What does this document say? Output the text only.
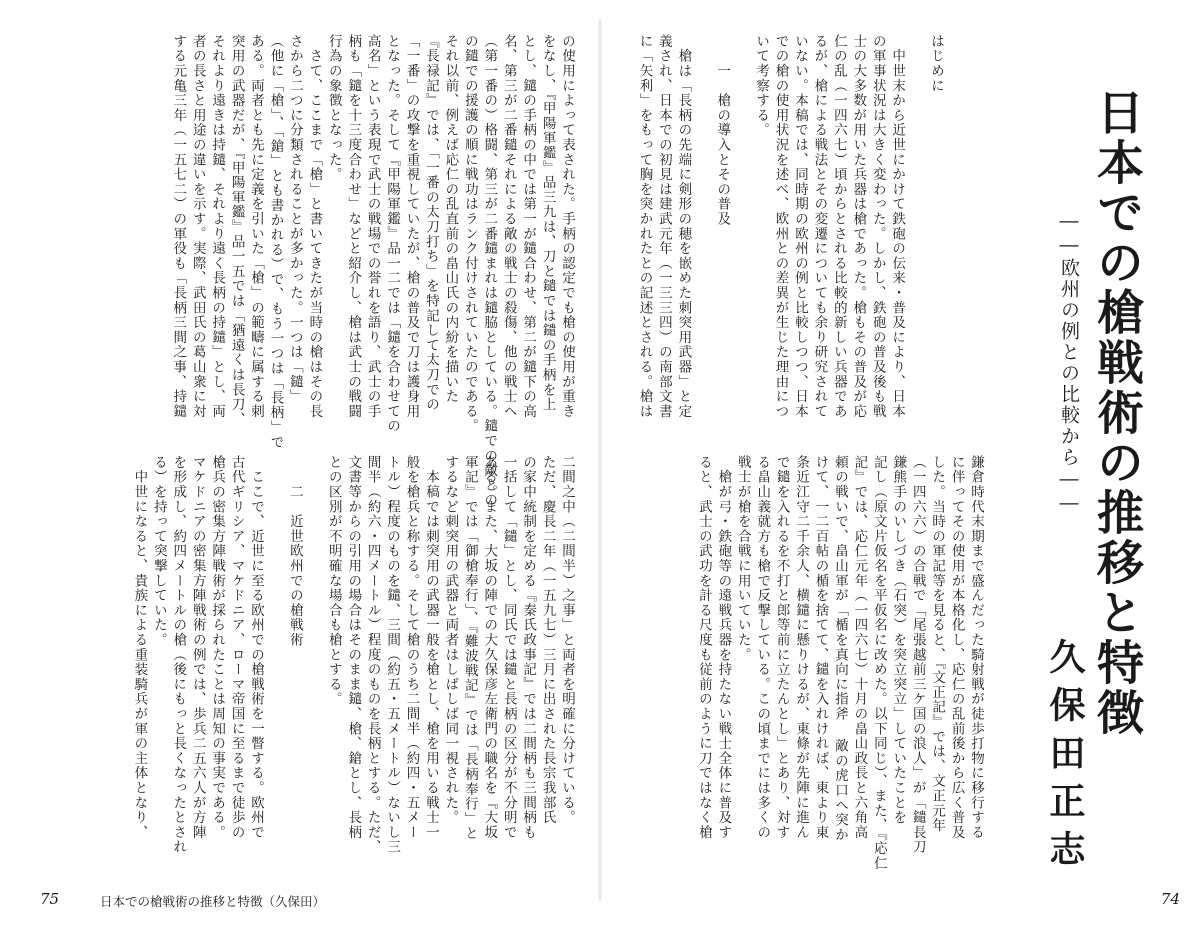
の使用によって表された。手柄の認定でも槍の使用が重き
をなし、『甲陽軍鑑』品三九は、刀と鑓では鑓の手柄を上
とし、鑓の手柄の中では第一が鑓合わせ、第二が鑓下の高
名、第三が二番鑓それによる敵の戦士の殺傷、他の戦士へ
（第一番の）格闘、第三が二番鑓まれは鑓脇としている。鑓での敵との
の鑓での援護の順に戦功はランク付けされていたのである。
それ以前、例えば応仁の乱直前の畠山氏の内紛を描いた
『長禄記』では、「一番の太刀打ち」を特記して太刀での
「一番」の攻撃を重視していたが、槍の普及で刀は護身用
となった。そして『甲陽軍鑑』品一二では「鑓を合わせての
高名」という表現で武士の戦場での誉れを語り、武士の手
柄も「鑓を十三度合わせ」などと紹介し、槍は武士の戦闘
行為の象徴となった。
　さて、ここまで「槍」と書いてきたが当時の槍はその長
さから二つに分類されることが多かった。一つは「鑓」
（他に「槍」、「鎗」とも書かれる）で、もう一つは「長柄」で
ある。両者とも先に定義を引いた「槍」の範疇に属する刺
突用の武器だが、『甲陽軍鑑』品一五では「猶遠くは長刀、
それより遠きは持鑓、それより遠く長柄の持鑓」とし、両
者の長さと用途の違いを示す。実際、武田氏の葛山衆に対
する元亀三年（一五七二）の軍役も「長柄三間之事、持鑓
二間之中（二間半）之事」と両者を明確に分けている。
ただ、慶長二年（一五九七）三月に出された長宗我部氏
の家中統制を定める『秦氏政事記』では二間柄も三間柄も
一括して「鑓」とし、同氏では鑓と長柄の区分が不分明で
ある。また、大坂の陣での大久保彦左衛門の職名を『大坂
軍記』では「御槍奉行」、『難波戦記』では「長柄奉行」と
するなど刺突用の武器と両者はしばしば同一視された。
　本稿では刺突用の武器一般を槍とし、槍を用いる戦士一
般を槍兵と称する。そして槍のうち二間半（約四・五メー
トル）程度のものを鑓、三間（約五・五メートル）ないし三
間半（約六・四メートル）程度のものを長柄とする。ただ、
文書等からの引用の場合はそのまま鑓、槍、鎗とし、長柄
との区別が不明確な場合も槍とする。

　　二　近世欧州での槍戦術

　ここで、近世に至る欧州での槍戦術を一瞥する。欧州で
古代ギリシア、マケドニア、ローマ帝国に至るまで徒歩の
槍兵の密集方陣戦術が採られたことは周知の事実である。
マケドニアの密集方陣戦術の例では、歩兵二五六人が方陣
を形成し、約四メートルの槍（後にもっと長くなったとされ
る）を持って突撃していた。
　中世になると、貴族による重装騎兵が軍の主体となり、
75	日本での槍戦術の推移と特徴（久保田）
日本での槍戦術の推移と特徴
――欧州の例との比較から――
はじめに

　中世末から近世にかけて鉄砲の伝来・普及により、日本
の軍事状況は大きく変わった。しかし、鉄砲の普及後も戦
士の大多数が用いた兵器は槍であった。槍もその普及が応
仁の乱（一四六七）頃からとされる比較的新しい兵器であ
るが、槍による戦法とその変遷についても余り研究されて
いない。本稿では、同時期の欧州の例と比較しつつ、日本
での槍の使用状況を述べ、欧州との差異が生じた理由につ
いて考察する。

　　一　槍の導入とその普及

　槍は「長柄の先端に剣形の穂を嵌めた刺突用武器」と定
義され、日本での初見は建武元年（一三三四）の南部文書
に「矢利」をもって胸を突かれたとの記述とされる。槍は
久保田正志
鎌倉時代末期まで盛んだった騎射戦が徒歩打物に移行する
に伴ってその使用が本格化し、応仁の乱前後から広く普及
した。当時の軍記等を見ると、『文正記』では、文正元年
（一四六六）の合戦で「尾張越前三ケ国の浪人」が「鑓長刀
鎌熊手のいしづき（石突）を突立突立」していたことを
記し（原文片仮名を平仮名に改めた。以下同じ）、また、『応仁
記』では、応仁元年（一四六七）十月の畠山政長と六角高
頼の戦いで、畠山軍が「楯を真向に指斧 敵の虎口へ突か
けて、一二百帖の楯を捨てて、鑓を入れければ、東より東
条近江守二千余人、横鑓に懸りけるが、東條が先陣に進ん
で鑓を入れるを不打と郎等前に立たんとし」とあり、対す
る畠山義就方も槍で反撃している。この頃までには多くの
戦士が槍を合戦に用いていた。
　槍が弓・鉄砲等の遠戦兵器を持たない戦士全体に普及す
ると、武士の武功を計る尺度も従前のように刀ではなく槍
74
